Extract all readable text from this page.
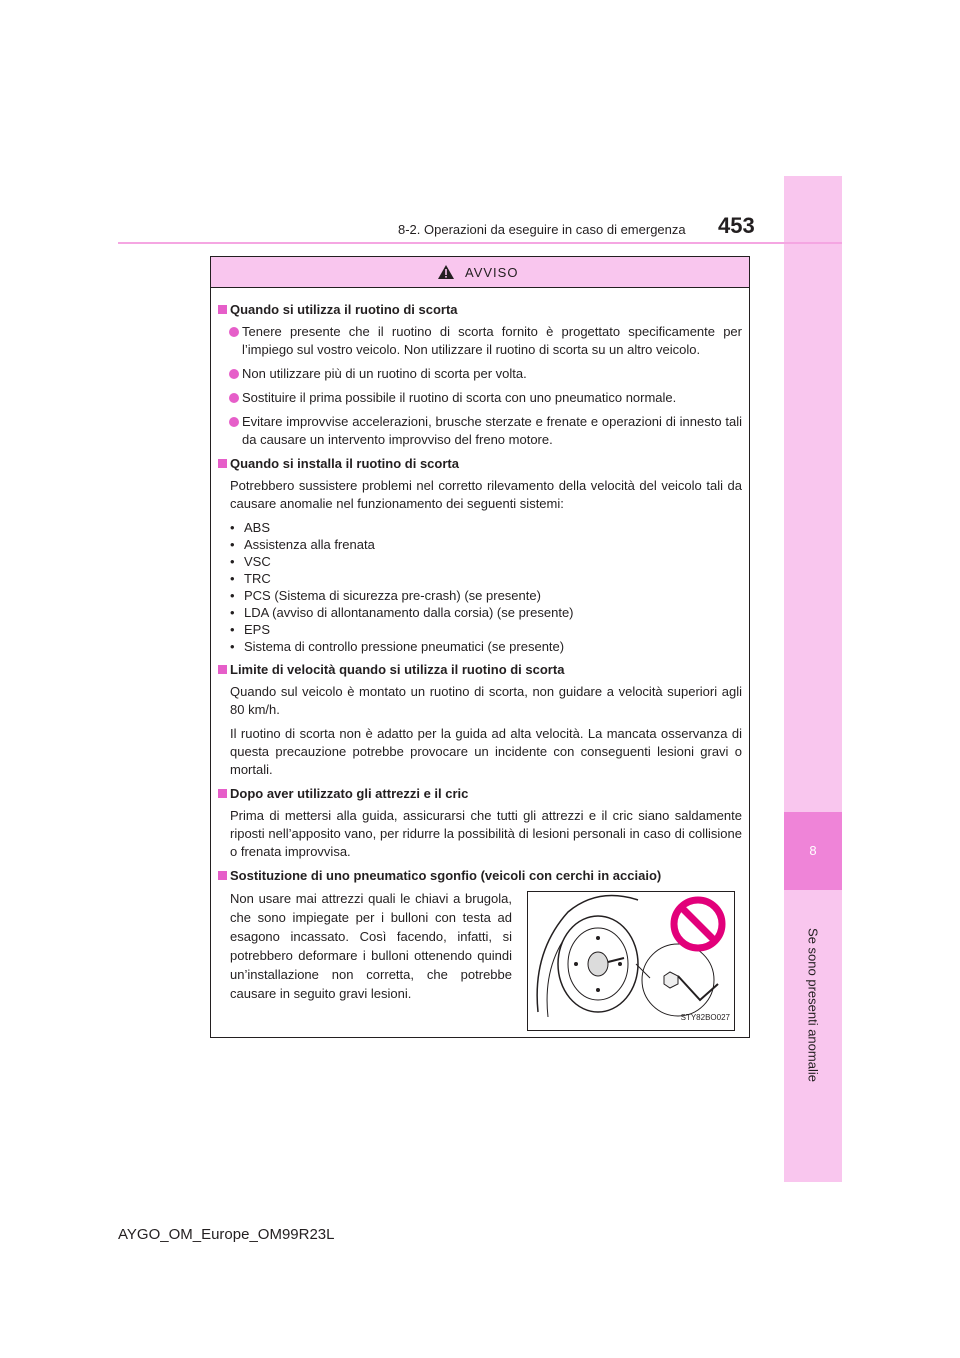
8
Se sono presenti anomalie
8-2. Operazioni da eseguire in caso di emergenza 453
AVVISO
Quando si utilizza il ruotino di scorta
Tenere presente che il ruotino di scorta fornito è progettato specificamente per l’impiego sul vostro veicolo. Non utilizzare il ruotino di scorta su un altro veicolo.
Non utilizzare più di un ruotino di scorta per volta.
Sostituire il prima possibile il ruotino di scorta con uno pneumatico normale.
Evitare improvvise accelerazioni, brusche sterzate e frenate e operazioni di innesto tali da causare un intervento improvviso del freno motore.
Quando si installa il ruotino di scorta
Potrebbero sussistere problemi nel corretto rilevamento della velocità del veicolo tali da causare anomalie nel funzionamento dei seguenti sistemi:
• ABS
• Assistenza alla frenata
• VSC
• TRC
• PCS (Sistema di sicurezza pre-crash) (se presente)
• LDA (avviso di allontanamento dalla corsia) (se presente)
• EPS
• Sistema di controllo pressione pneumatici (se presente)
Limite di velocità quando si utilizza il ruotino di scorta
Quando sul veicolo è montato un ruotino di scorta, non guidare a velocità superiori agli 80 km/h.
Il ruotino di scorta non è adatto per la guida ad alta velocità. La mancata osservanza di questa precauzione potrebbe provocare un incidente con conseguenti lesioni gravi o mortali.
Dopo aver utilizzato gli attrezzi e il cric
Prima di mettersi alla guida, assicurarsi che tutti gli attrezzi e il cric siano saldamente riposti nell’apposito vano, per ridurre la possibilità di lesioni personali in caso di collisione o frenata improvvisa.
Sostituzione di uno pneumatico sgonfio (veicoli con cerchi in acciaio)
Non usare mai attrezzi quali le chiavi a brugola, che sono impiegate per i bulloni con testa ad esagono incassato. Così facendo, infatti, si potrebbero deformare i bulloni ottenendo quindi un’installazione non corretta, che potrebbe causare in seguito gravi lesioni.
STY82BO027
AYGO_OM_Europe_OM99R23L
